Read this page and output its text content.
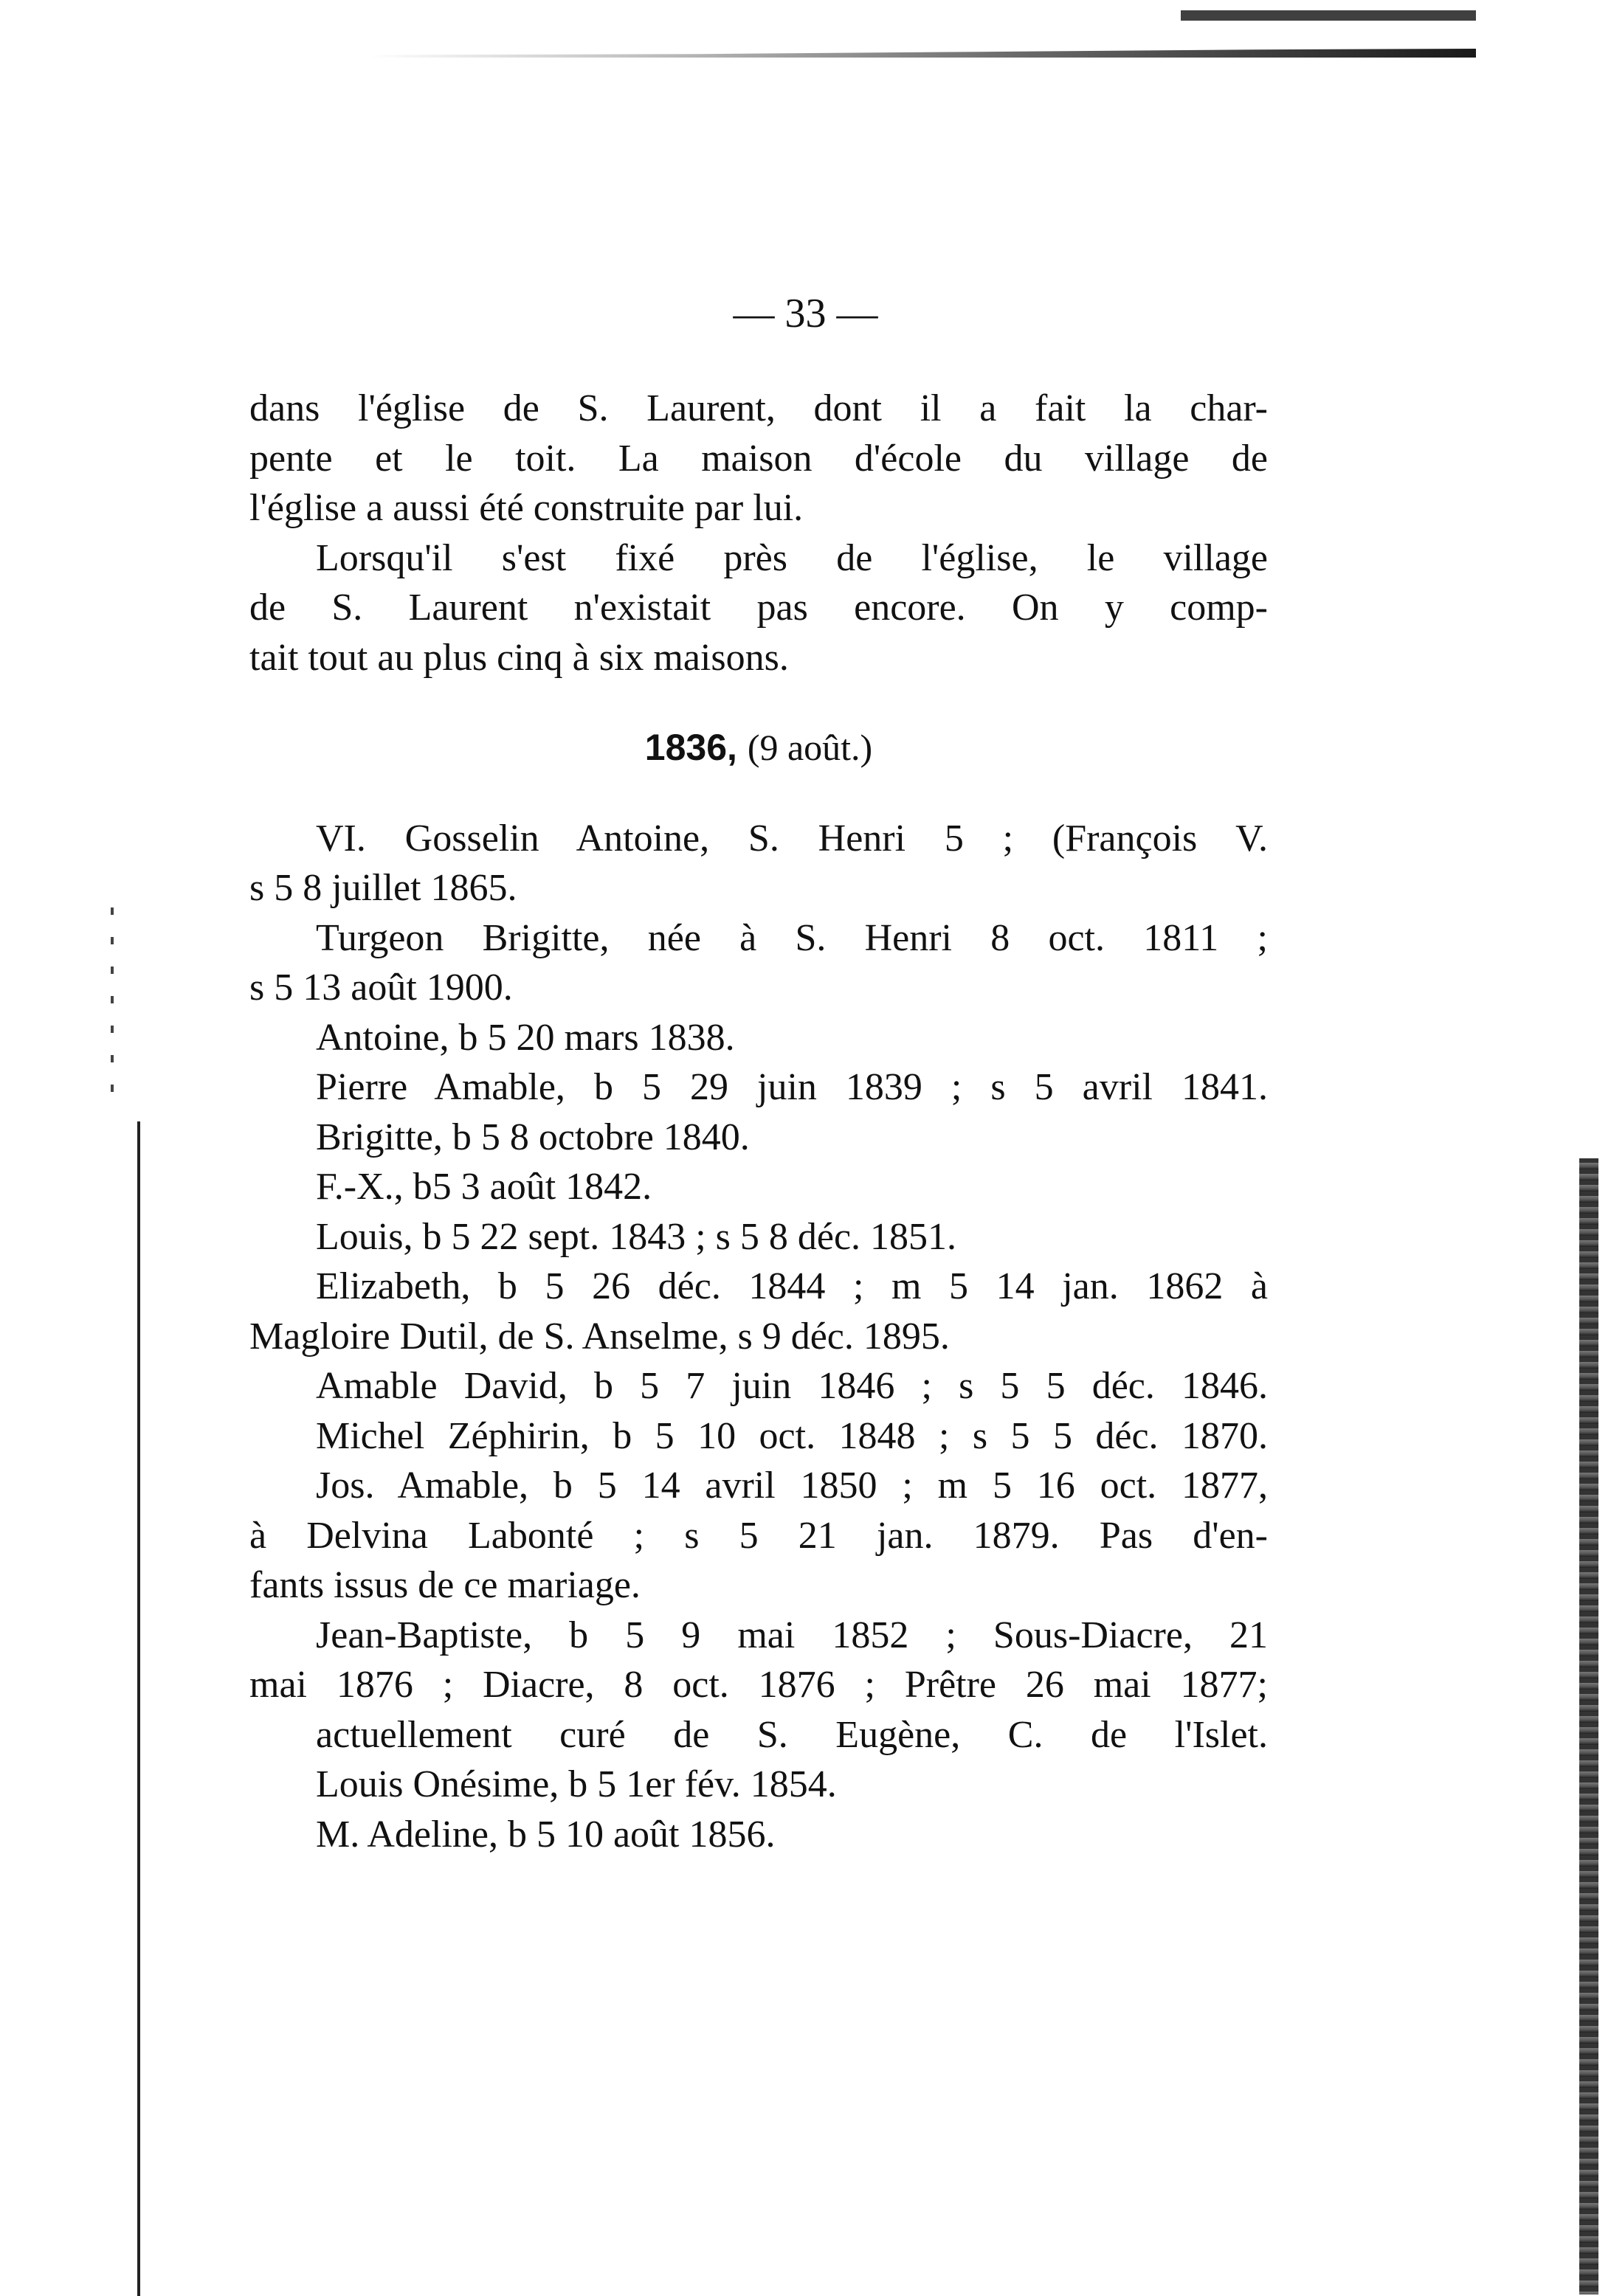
— 33 —
dans l'église de S. Laurent, dont il a fait la char-
pente et le toit. La maison d'école du village de
l'église a aussi été construite par lui.
Lorsqu'il s'est fixé près de l'église, le village
de S. Laurent n'existait pas encore. On y comp-
tait tout au plus cinq à six maisons.
1836, (9 août.)
VI. Gosselin Antoine, S. Henri 5 ; (François V.
s 5 8 juillet 1865.
Turgeon Brigitte, née à S. Henri 8 oct. 1811 ;
s 5 13 août 1900.
Antoine, b 5 20 mars 1838.
Pierre Amable, b 5 29 juin 1839 ; s 5 avril 1841.
Brigitte, b 5 8 octobre 1840.
F.-X., b5 3 août 1842.
Louis, b 5 22 sept. 1843 ; s 5 8 déc. 1851.
Elizabeth, b 5 26 déc. 1844 ; m 5 14 jan. 1862 à
Magloire Dutil, de S. Anselme, s 9 déc. 1895.
Amable David, b 5 7 juin 1846 ; s 5 5 déc. 1846.
Michel Zéphirin, b 5 10 oct. 1848 ; s 5 5 déc. 1870.
Jos. Amable, b 5 14 avril 1850 ; m 5 16 oct. 1877,
à Delvina Labonté ; s 5 21 jan. 1879. Pas d'en-
fants issus de ce mariage.
Jean-Baptiste, b 5 9 mai 1852 ; Sous-Diacre, 21
mai 1876 ; Diacre, 8 oct. 1876 ; Prêtre 26 mai 1877;
actuellement curé de S. Eugène, C. de l'Islet.
Louis Onésime, b 5 1er fév. 1854.
M. Adeline, b 5 10 août 1856.
